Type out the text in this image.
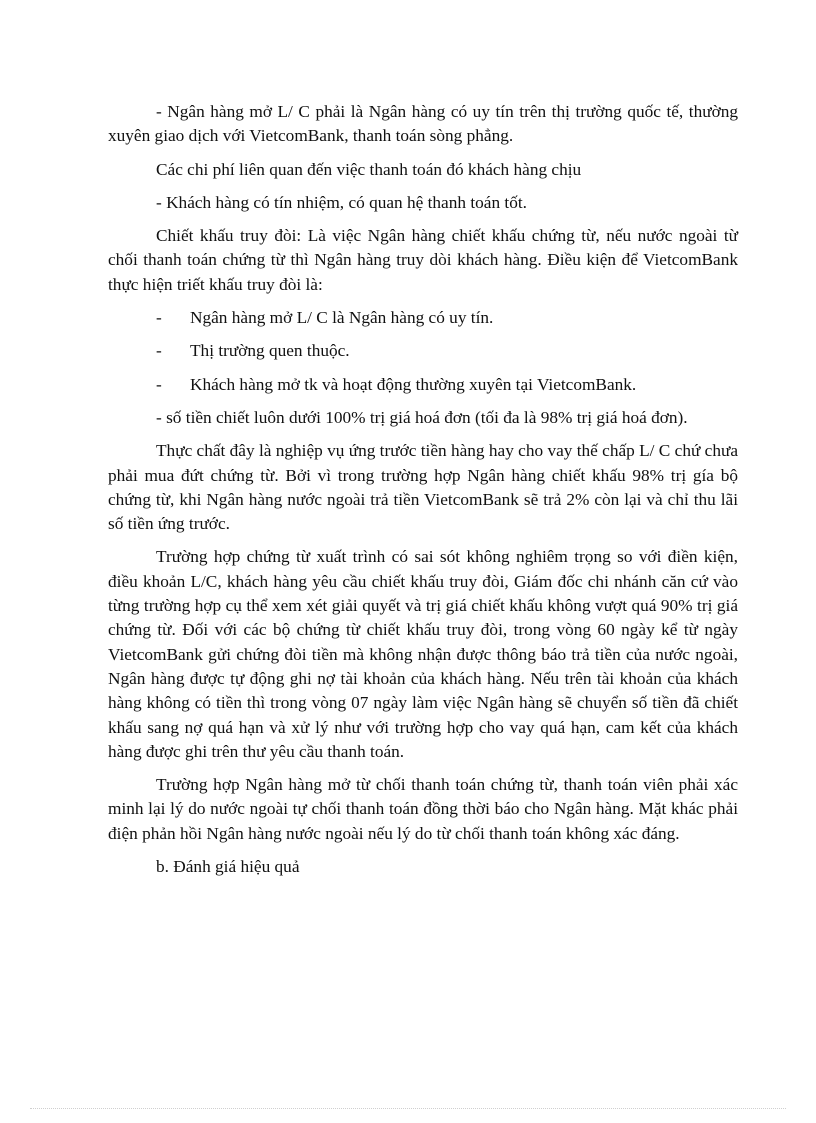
- Ngân hàng mở L/ C phải là Ngân hàng có uy tín trên thị trường quốc tế, thường xuyên giao dịch với VietcomBank, thanh toán sòng phẳng.

Các chi phí liên quan đến việc thanh toán đó khách hàng chịu

- Khách hàng có tín nhiệm, có quan hệ thanh toán tốt.

Chiết khấu truy đòi: Là việc Ngân hàng chiết khấu chứng từ, nếu nước ngoài từ chối thanh toán chứng từ thì Ngân hàng truy dòi khách hàng. Điều kiện để VietcomBank thực hiện triết khấu truy đòi là:

-	Ngân hàng mở L/ C là Ngân hàng có uy tín.
-	Thị trường quen thuộc.
-	Khách hàng mở tk và hoạt động thường xuyên tại VietcomBank.

- số tiền chiết luôn dưới 100% trị giá hoá đơn (tối đa là 98% trị giá hoá đơn).

Thực chất đây là nghiệp vụ ứng trước tiền hàng hay cho vay thế chấp L/ C chứ chưa phải mua đứt chứng từ. Bởi vì trong trường hợp Ngân hàng chiết khấu 98% trị gía bộ chứng từ, khi Ngân hàng nước ngoài trả tiền VietcomBank sẽ trả 2% còn lại và chỉ thu lãi số tiền ứng trước.

Trường hợp chứng từ xuất trình có sai sót không nghiêm trọng so với điền kiện, điều khoản L/C, khách hàng yêu cầu chiết khấu truy đòi, Giám đốc chi nhánh căn cứ vào từng trường hợp cụ thể xem xét giải quyết và trị giá chiết khấu không vượt quá 90% trị giá chứng từ. Đối với các bộ chứng từ chiết khấu truy đòi, trong vòng 60 ngày kể từ ngày VietcomBank gửi chứng đòi tiền mà không nhận được thông báo trả tiền của nước ngoài, Ngân hàng được tự động ghi nợ tài khoản của khách hàng. Nếu trên tài khoản của khách hàng không có tiền thì trong vòng 07 ngày làm việc Ngân hàng sẽ chuyển số tiền đã chiết khấu sang nợ quá hạn và xử lý như với trường hợp cho vay quá hạn, cam kết của khách hàng được ghi trên thư yêu cầu thanh toán.

Trường hợp Ngân hàng mở từ chối thanh toán chứng từ, thanh toán viên phải xác minh lại lý do nước ngoài tự chối thanh toán đồng thời báo cho Ngân hàng. Mặt khác phải điện phản hồi Ngân hàng nước ngoài nếu lý do từ chối thanh toán không xác đáng.

b. Đánh giá hiệu quả
